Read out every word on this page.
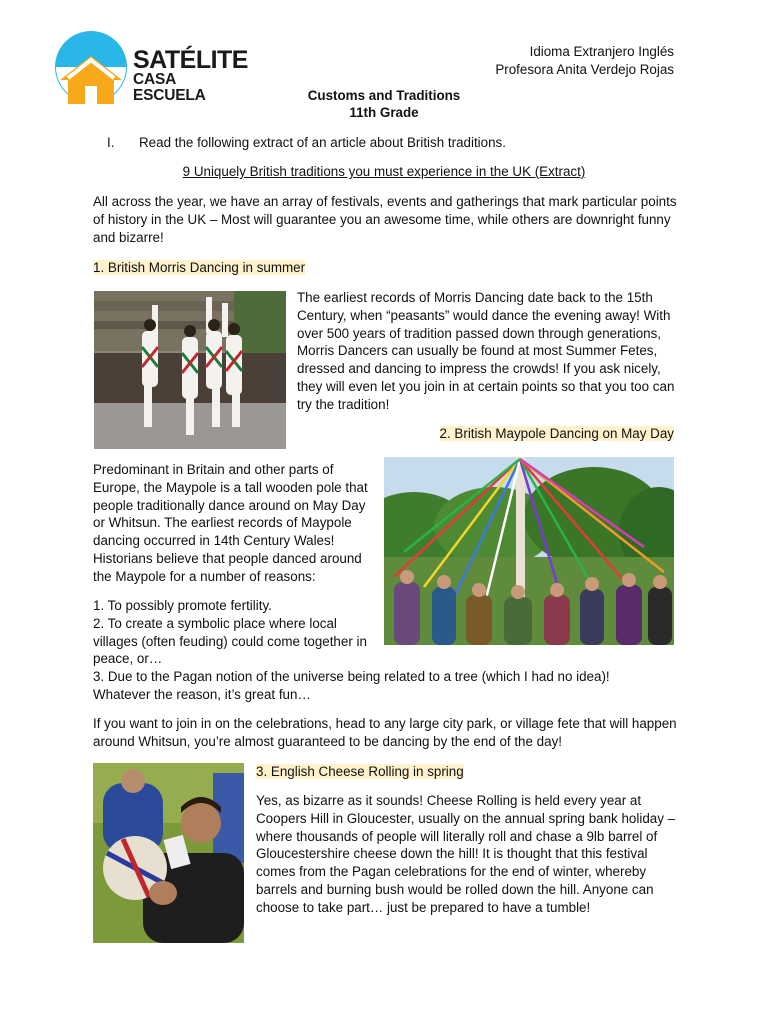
SATÉLITE
CASA ESCUELA
Idioma Extranjero Inglés
Profesora Anita Verdejo Rojas
Customs and Traditions
11th Grade
I. Read the following extract of an article about British traditions.
9 Uniquely British traditions you must experience in the UK (Extract)

All across the year, we have an array of festivals, events and gatherings that mark particular points of history in the UK – Most will guarantee you an awesome time, while others are downright funny and bizarre!

1. British Morris Dancing in summer

The earliest records of Morris Dancing date back to the 15th Century, when “peasants” would dance the evening away! With over 500 years of tradition passed down through generations, Morris Dancers can usually be found at most Summer Fetes, dressed and dancing to impress the crowds! If you ask nicely, they will even let you join in at certain points so that you too can try the tradition!

2. British Maypole Dancing on May Day

Predominant in Britain and other parts of Europe, the Maypole is a tall wooden pole that people traditionally dance around on May Day or Whitsun. The earliest records of Maypole dancing occurred in 14th Century Wales! Historians believe that people danced around the Maypole for a number of reasons:

1. To possibly promote fertility.
2. To create a symbolic place where local villages (often feuding) could come together in peace, or…
3. Due to the Pagan notion of the universe being related to a tree (which I had no idea)! Whatever the reason, it’s great fun…

If you want to join in on the celebrations, head to any large city park, or village fete that will happen around Whitsun, you’re almost guaranteed to be dancing by the end of the day!

3. English Cheese Rolling in spring

Yes, as bizarre as it sounds! Cheese Rolling is held every year at Coopers Hill in Gloucester, usually on the annual spring bank holiday – where thousands of people will literally roll and chase a 9lb barrel of Gloucestershire cheese down the hill! It is thought that this festival comes from the Pagan celebrations for the end of winter, whereby barrels and burning bush would be rolled down the hill. Anyone can choose to take part… just be prepared to have a tumble!
